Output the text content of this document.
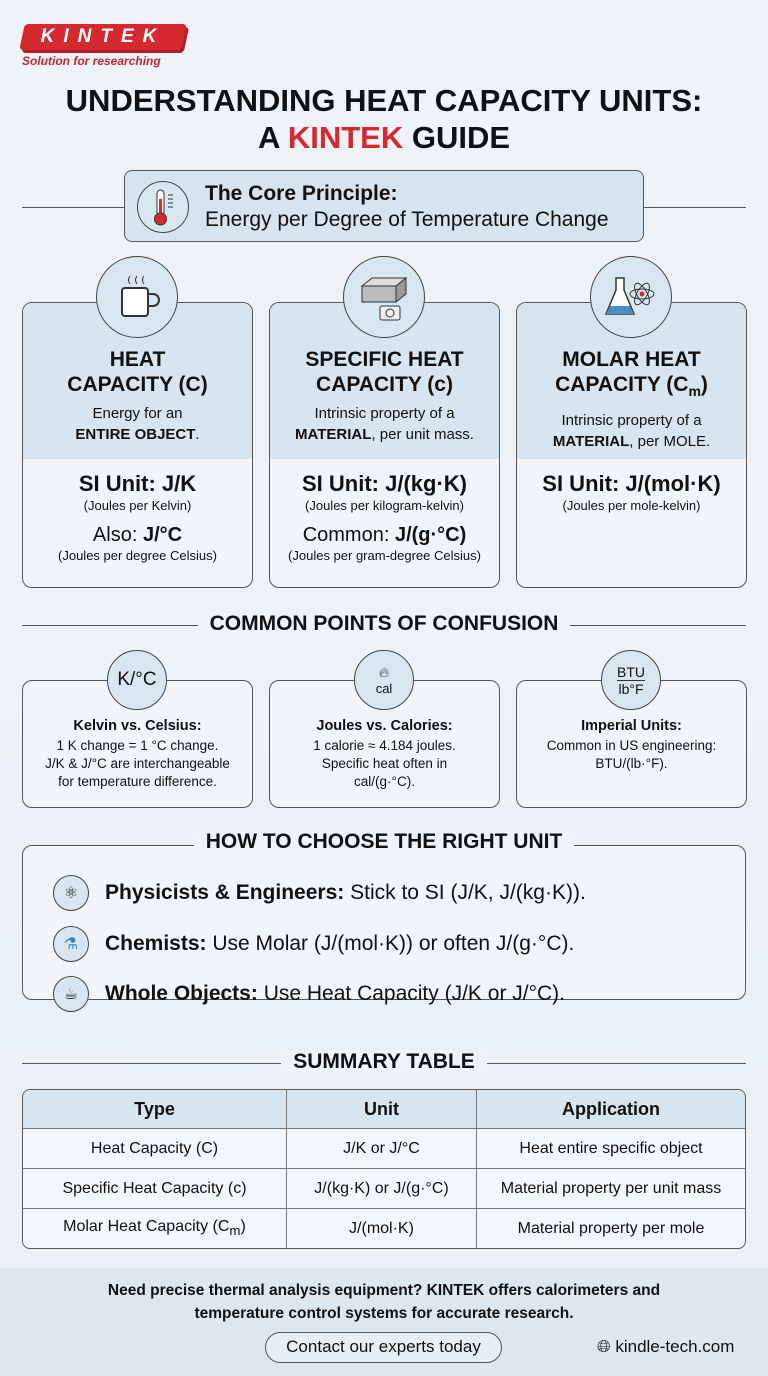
KINTEK
Solution for researching
UNDERSTANDING HEAT CAPACITY UNITS:
A KINTEK GUIDE
The Core Principle:
Energy per Degree of Temperature Change
HEAT
CAPACITY (C)
Energy for an
ENTIRE OBJECT.
SI Unit: J/K
(Joules per Kelvin)
Also: J/°C
(Joules per degree Celsius)
SPECIFIC HEAT
CAPACITY (c)
Intrinsic property of a
MATERIAL, per unit mass.
SI Unit: J/(kg·K)
(Joules per kilogram-kelvin)
Common: J/(g·°C)
(Joules per gram-degree Celsius)
MOLAR HEAT
CAPACITY $(C_m)$
Intrinsic property of a
MATERIAL, per MOLE.
SI Unit: J/(mol·K)
(Joules per mole-kelvin)
COMMON POINTS OF CONFUSION
Kelvin vs. Celsius:
1 K change = 1 °C change.
J/K & J/°C are interchangeable
for temperature difference.
Joules vs. Calories:
1 calorie ≈ 4.184 joules.
Specific heat often in
cal/(g·°C).
Imperial Units:
Common in US engineering:
BTU/(lb·°F).
K/°C	🔥︎
cal
BTU
lb°F
⚛	Physicists & Engineers: Stick to SI (J/K, J/(kg·K)).
⚗	Chemists: Use Molar (J/(mol·K)) or often J/(g·°C).
☕︎	Whole Objects: Use Heat Capacity (J/K or J/°C).
HOW TO CHOOSE THE RIGHT UNIT
SUMMARY TABLE
Type	Unit	Application
Heat Capacity (C)	J/K or J/°C	Heat entire specific object
Specific Heat Capacity (c)	J/(kg·K) or J/(g·°C)	Material property per unit mass
Molar Heat Capacity $(C_m)$	J/(mol·K)	Material property per mole
Need precise thermal analysis equipment? KINTEK offers calorimeters and
temperature control systems for accurate research.
Contact our experts today	🌐︎ kindle-tech.com
